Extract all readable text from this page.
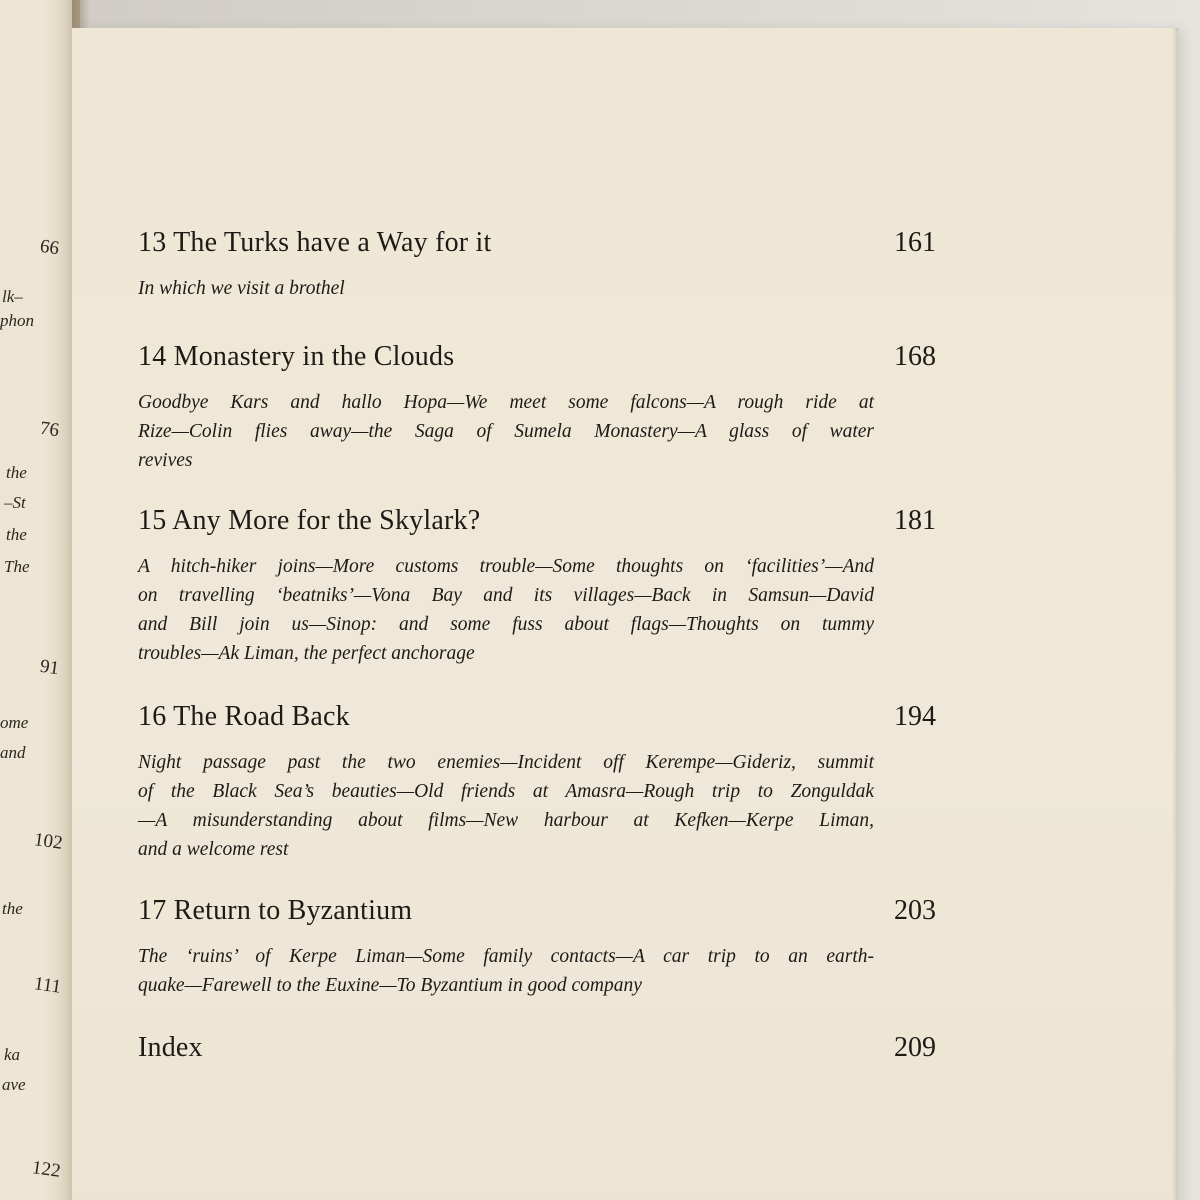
lk–
phon
the
–St
the
The
ome
and
the
ka
ave
66
76
91
102
111
122
13 The Turks have a Way for it	161
In which we visit a brothel
14 Monastery in the Clouds	168
Goodbye Kars and hallo Hopa—We meet some falcons—A rough ride at
Rize—Colin flies away—the Saga of Sumela Monastery—A glass of water
revives
15 Any More for the Skylark?	181
A hitch-hiker joins—More customs trouble—Some thoughts on ‘facilities’—And
on travelling ‘beatniks’—Vona Bay and its villages—Back in Samsun—David
and Bill join us—Sinop: and some fuss about flags—Thoughts on tummy
troubles—Ak Liman, the perfect anchorage
16 The Road Back	194
Night passage past the two enemies—Incident off Kerempe—Gideriz, summit
of the Black Sea’s beauties—Old friends at Amasra—Rough trip to Zonguldak
—A misunderstanding about films—New harbour at Kefken—Kerpe Liman,
and a welcome rest
17 Return to Byzantium	203
The ‘ruins’ of Kerpe Liman—Some family contacts—A car trip to an earth-
quake—Farewell to the Euxine—To Byzantium in good company
Index	209
